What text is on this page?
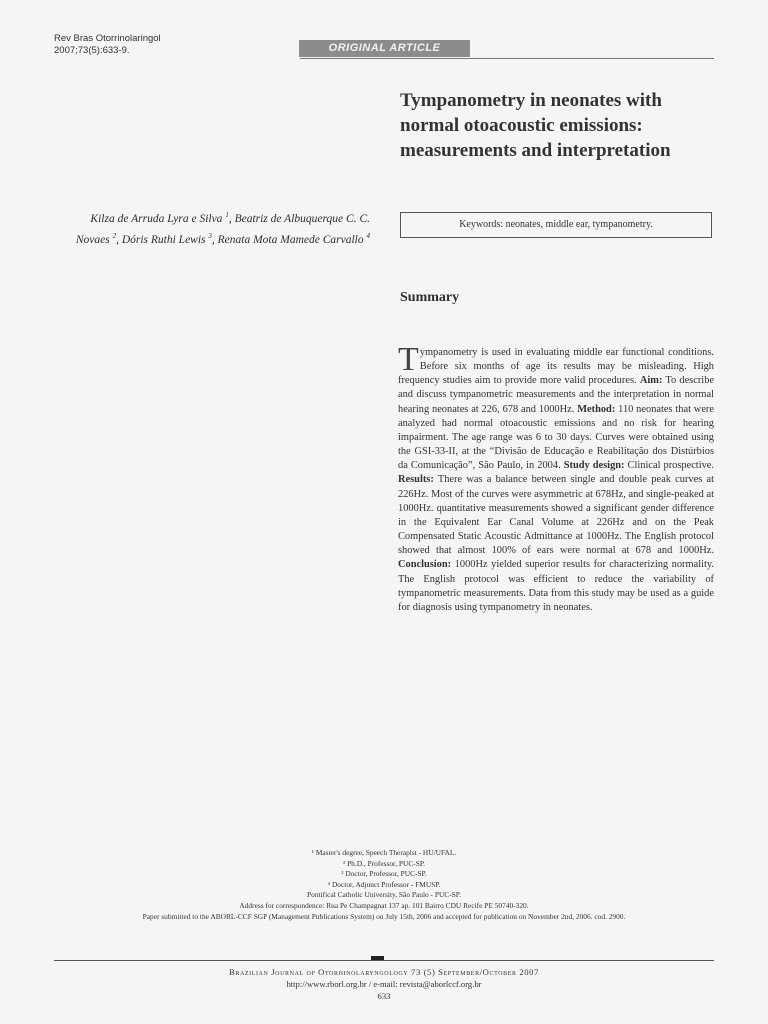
Rev Bras Otorrinolaringol
2007;73(5):633-9.	ORIGINAL ARTICLE
Tympanometry in neonates with normal otoacoustic emissions: measurements and interpretation
Kilza de Arruda Lyra e Silva $^1$, Beatriz de Albuquerque C. C. Novaes $^2$, Dóris Ruthi Lewis $^3$, Renata Mota Mamede Carvallo $^4$
Keywords: neonates, middle ear, tympanometry.
Summary
Tympanometry is used in evaluating middle ear functional conditions. Before six months of age its results may be misleading. High frequency studies aim to provide more valid procedures. Aim: To describe and discuss tympanometric measurements and the interpretation in normal hearing neonates at 226, 678 and 1000Hz. Method: 110 neonates that were analyzed had normal otoacoustic emissions and no risk for hearing impairment. The age range was 6 to 30 days. Curves were obtained using the GSI-33-II, at the “Divisão de Educação e Reabilitação dos Distúrbios da Comunicação”, São Paulo, in 2004. Study design: Clinical prospective. Results: There was a balance between single and double peak curves at 226Hz. Most of the curves were asymmetric at 678Hz, and single-peaked at 1000Hz. quantitative measurements showed a significant gender difference in the Equivalent Ear Canal Volume at 226Hz and on the Peak Compensated Static Acoustic Admittance at 1000Hz. The English protocol showed that almost 100% of ears were normal at 678 and 1000Hz. Conclusion: 1000Hz yielded superior results for characterizing normality. The English protocol was efficient to reduce the variability of tympanometric measurements. Data from this study may be used as a guide for diagnosis using tympanometry in neonates.
¹ Master's degree, Speech Therapist - HU/UFAL.
² Ph.D., Professor, PUC-SP.
³ Doctor, Professor, PUC-SP.
⁴ Doctor, Adjunct Professor - FMUSP.
Pontifical Catholic University, São Paulo - PUC-SP.
Address for correspondence: Rua Pe Champagnat 137 ap. 101 Bairro CDU Recife PE 50740-320.
Paper submitted to the ABORL-CCF SGP (Management Publications System) on July 15th, 2006 and accepted for publication on November 2nd, 2006. cod. 2900.
Brazilian Journal of Otorhinolaryngology 73 (5) September/October 2007
http://www.rborl.org.br / e-mail: revista@aborlccf.org.br
633
